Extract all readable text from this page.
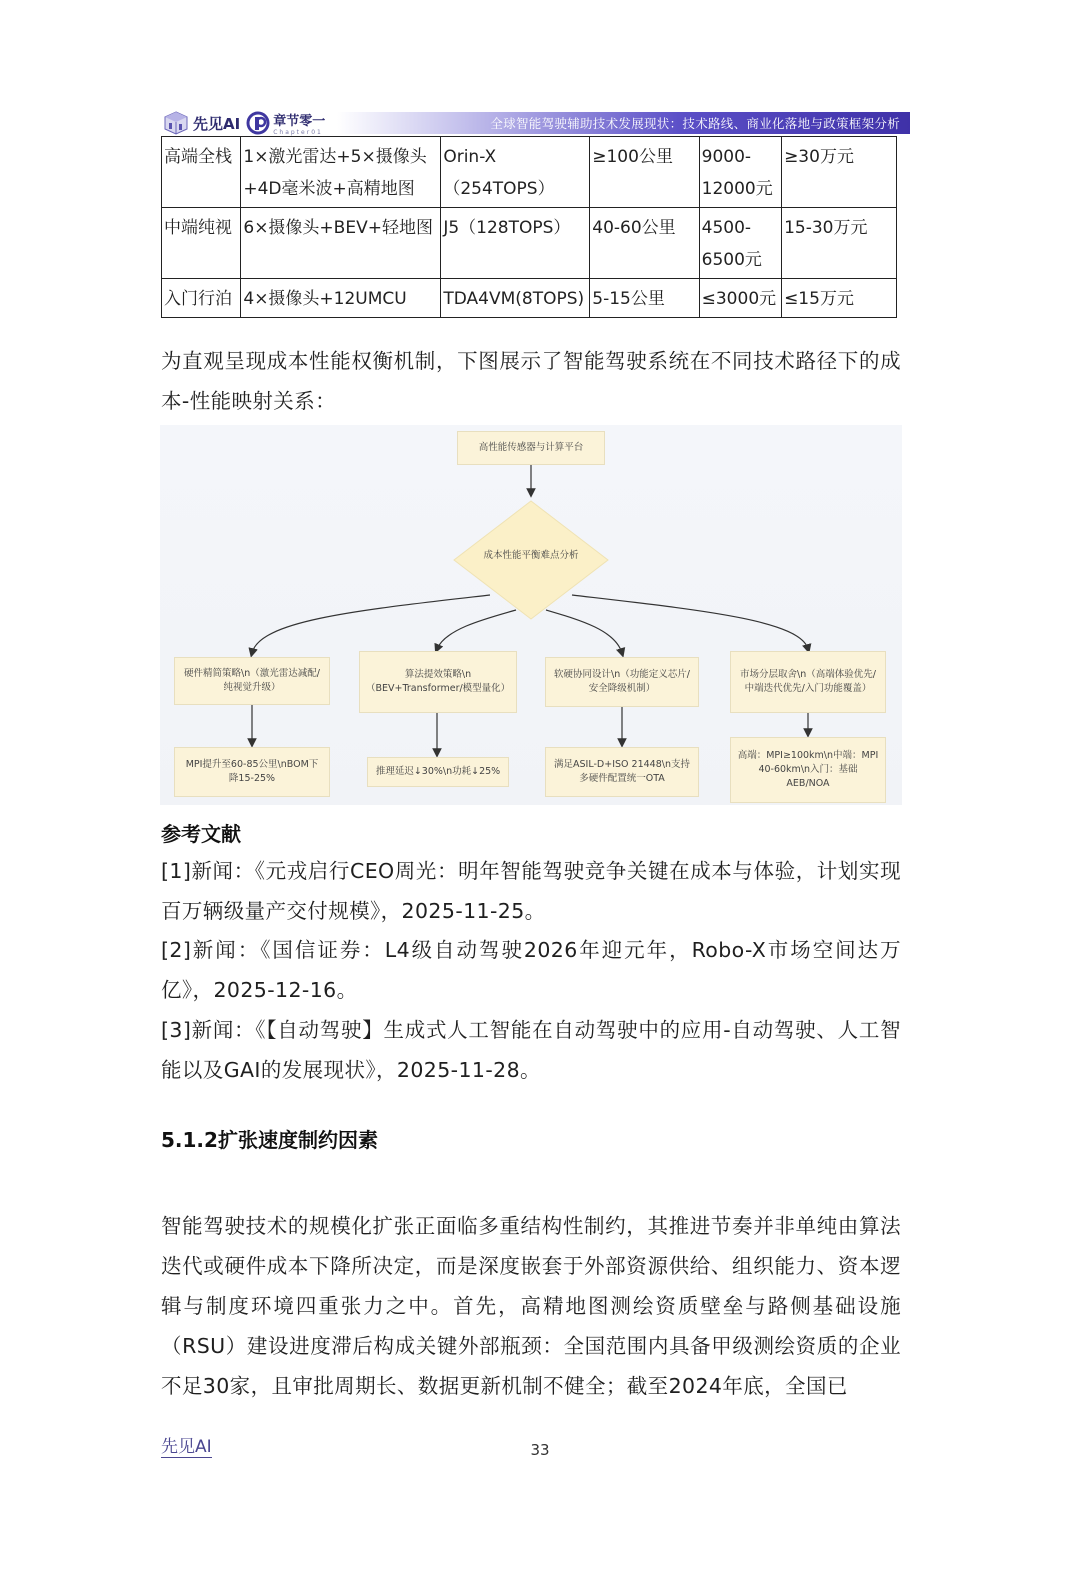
先见AI	章节零一
Chapter01
全球智能驾驶辅助技术发展现状：技术路线、商业化落地与政策框架分析
高端全栈	1×激光雷达+5×摄像头+4D毫米波+高精地图	Orin-X（254TOPS）	≥100公里	9000-12000元	≥30万元
中端纯视	6×摄像头+BEV+轻地图	J5（128TOPS）	40-60公里	4500-6500元	15-30万元
入门行泊	4×摄像头+12UMCU	TDA4VM(8TOPS)	5-15公里	≤3000元	≤15万元

为直观呈现成本性能权衡机制，下图展示了智能驾驶系统在不同技术路径下的成本-性能映射关系：

高性能传感器与计算平台
成本性能平衡难点分析
硬件精简策略\n（激光雷达减配/纯视觉升级）
算法提效策略\n（BEV+Transformer/模型量化）
软硬协同设计\n（功能定义芯片/安全降级机制）
市场分层取舍\n（高端体验优先/中端迭代优先/入门功能覆盖）
MPI提升至60-85公里\nBOM下降15-25%
推理延迟↓30%\n功耗↓25%
满足ASIL-D+ISO 21448\n支持多硬件配置统一OTA
高端：MPI≥100km\n中端：MPI 40-60km\n入门：基础AEB/NOA
参考文献

[1]新闻：《元戎启行CEO周光：明年智能驾驶竞争关键在成本与体验，计划实现百万辆级量产交付规模》，2025-11-25。

[2]新闻：《国信证券：L4级自动驾驶2026年迎元年，Robo-X市场空间达万亿》，2025-12-16。

[3]新闻：《【自动驾驶】生成式人工智能在自动驾驶中的应用-自动驾驶、人工智能以及GAI的发展现状》，2025-11-28。

5.1.2扩张速度制约因素

智能驾驶技术的规模化扩张正面临多重结构性制约，其推进节奏并非单纯由算法迭代或硬件成本下降所决定，而是深度嵌套于外部资源供给、组织能力、资本逻辑与制度环境四重张力之中。首先，高精地图测绘资质壁垒与路侧基础设施（RSU）建设进度滞后构成关键外部瓶颈：全国范围内具备甲级测绘资质的企业不足30家，且审批周期长、数据更新机制不健全；截至2024年底，全国已

先见AI	33
